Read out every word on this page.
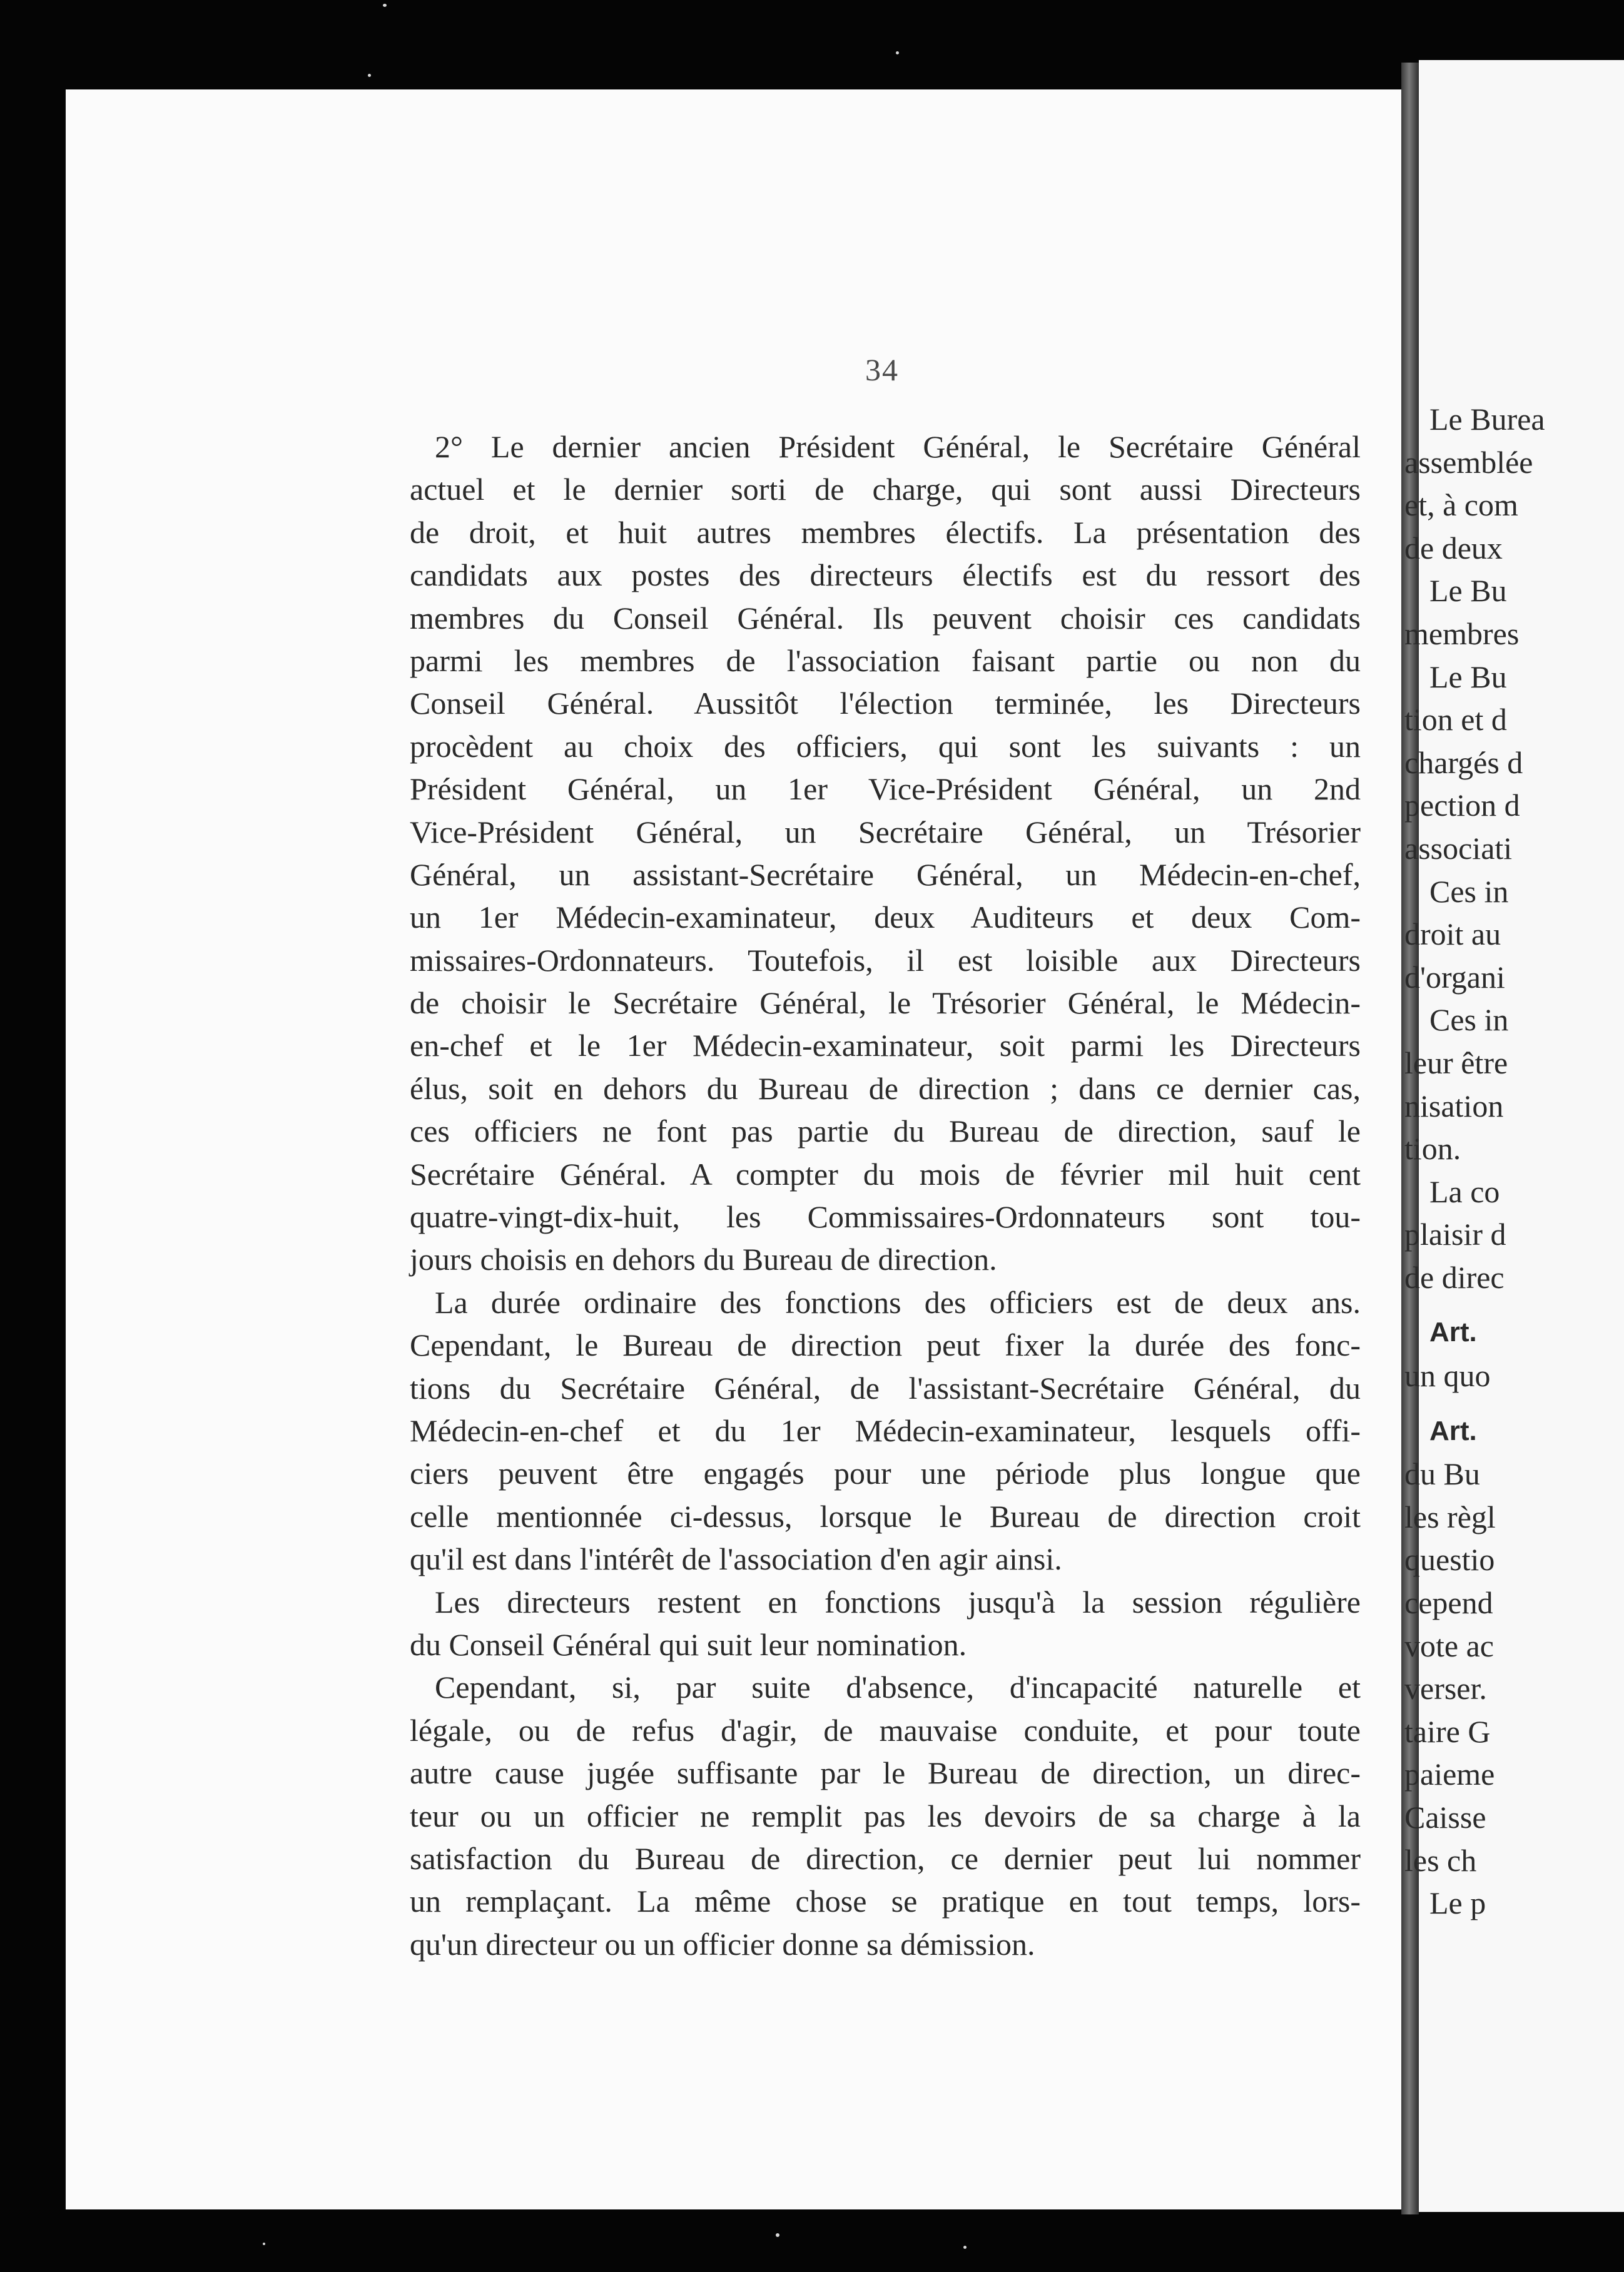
34
2° Le dernier ancien Président Général, le Secrétaire Général
actuel et le dernier sorti de charge, qui sont aussi Directeurs
de droit, et huit autres membres électifs. La présentation des
candidats aux postes des directeurs électifs est du ressort des
membres du Conseil Général. Ils peuvent choisir ces candidats
parmi les membres de l'association faisant partie ou non du
Conseil Général. Aussitôt l'élection terminée, les Directeurs
procèdent au choix des officiers, qui sont les suivants : un
Président Général, un 1er Vice-Président Général, un 2nd
Vice-Président Général, un Secrétaire Général, un Trésorier
Général, un assistant-Secrétaire Général, un Médecin-en-chef,
un 1er Médecin-examinateur, deux Auditeurs et deux Com-
missaires-Ordonnateurs. Toutefois, il est loisible aux Directeurs
de choisir le Secrétaire Général, le Trésorier Général, le Médecin-
en-chef et le 1er Médecin-examinateur, soit parmi les Directeurs
élus, soit en dehors du Bureau de direction ; dans ce dernier cas,
ces officiers ne font pas partie du Bureau de direction, sauf le
Secrétaire Général. A compter du mois de février mil huit cent
quatre-vingt-dix-huit, les Commissaires-Ordonnateurs sont tou-
jours choisis en dehors du Bureau de direction.
La durée ordinaire des fonctions des officiers est de deux ans.
Cependant, le Bureau de direction peut fixer la durée des fonc-
tions du Secrétaire Général, de l'assistant-Secrétaire Général, du
Médecin-en-chef et du 1er Médecin-examinateur, lesquels offi-
ciers peuvent être engagés pour une période plus longue que
celle mentionnée ci-dessus, lorsque le Bureau de direction croit
qu'il est dans l'intérêt de l'association d'en agir ainsi.
Les directeurs restent en fonctions jusqu'à la session régulière
du Conseil Général qui suit leur nomination.
Cependant, si, par suite d'absence, d'incapacité naturelle et
légale, ou de refus d'agir, de mauvaise conduite, et pour toute
autre cause jugée suffisante par le Bureau de direction, un direc-
teur ou un officier ne remplit pas les devoirs de sa charge à la
satisfaction du Bureau de direction, ce dernier peut lui nommer
un remplaçant. La même chose se pratique en tout temps, lors-
qu'un directeur ou un officier donne sa démission.
Le Burea
assemblée
et, à com
de deux
Le Bu
membres
Le Bu
tion et d
chargés d
pection d
associati
Ces in
droit au
d'organi
Ces in
leur être
nisation
tion.
La co
plaisir d
de direc
Art.
un quo
Art.
du Bu
les règl
questio
cepend
vote ac
verser.
taire G
paieme
Caisse
les ch
Le p
